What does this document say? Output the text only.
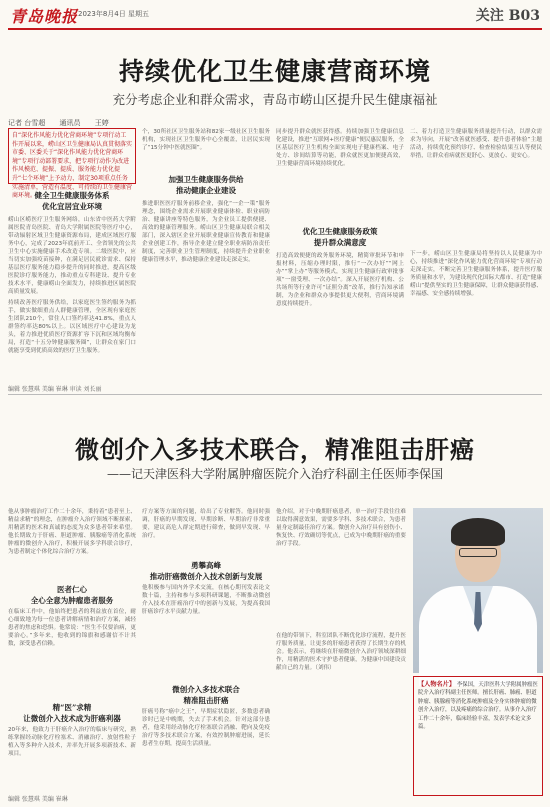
青岛晚报 2023年8月4日 星期五	关注 B03
持续优化卫生健康营商环境
充分考虑企业和群众需求，青岛市崂山区提升民生健康福祉
记者 台雪超 通讯员 王婷
自“深化作风能力优化营商环境”专项行动工作开展以来，崂山区卫生健康局认真贯彻落实市委、区委关于“深化作风能力优化营商环境”专项行动部署要求，把专项行动作为改进作风模范、提振、提质、服务能力优化提升“七个环境”上予动力，制定30项重点任务实施清单，营造有温度、可持续的卫生健康营商环境。
健全卫生健康服务体系
优化宜居宜业环境

崂山区崂医疗卫生服务网络，山东省中医药大学附属医院青岛医院、青岛大学附属医院等医疗中心，带动辐射区域卫生健康资源布局，建成区域医疗服务中心，完成了2023年底前开工、全省领先的公共卫生中心实施健康手术改造专项。二级医院中，应当切实加强疫苗接种，在满足居民就诊需求、保持基层医疗服务能力稳步提升的同时推进，提高区级医院诊疗服务能力，推动重点专科建设、提升专业技术水平，健康崂山全面发力，持续推进区属医院高质量发展。

持续改善医疗服务供给，以家庭医生签约服务为抓手，做实做细重点人群健康管理，全区现有家庭医生团队210个，常住人口签约率达41.8%，重点人群签约率达80%以上。以区域医疗中心建设为龙头，着力推进优质医疗资源扩容下沉和区域均衡布局，打造“十五分钟健康服务圈”，让群众在家门口就能享受到优质高效的医疗卫生服务。

个，30所社区卫生服务站和82家一级社区卫生服务机构，实现社区卫生服务中心全覆盖，让居民实现了“15分钟中医就医圈”。
加强卫生健康服务供给
推动健康企业建设
推进职医医疗服务前移企业，强化“一企一策”服务理念，围绕企业需求开展职业健康体检、职业病防治、健康讲座等特色服务，为企业员工提供便捷、高效的健康管理服务。崂山区卫生健康局联合相关部门，深入辖区企业开展职业健康宣传教育和健康企业创建工作，指导企业建立健全职业病防治责任制度，完善职业卫生管理制度，持续提升企业职业健康管理水平，推动健康企业建设走深走实。
同步提升群众就医获得感。持续加强卫生健康信息化建设，推进“互联网+医疗健康”便民惠民服务，全区基层医疗卫生机构全面实现电子健康档案、电子处方、诊间结算等功能，群众就医更加便捷高效，卫生健康营商环境持续优化。
优化卫生健康服务政策
提升群众满意度
打造高效便捷的政务服务环境，精简审批环节和申报材料，压缩办理时限，推行“一次办好”“网上办”“掌上办”等服务模式，实现卫生健康行政审批事项“一窗受理、一次办结”。深入开展医疗机构、公共场所等行业许可“证照分离”改革，推行告知承诺制，为企业和群众办事提供更大便利，营商环境满意度持续提升。
二、着力打造卫生健康服务质量提升行动，以群众需求为导向，开展“改善就医感受、提升患者体验”主题活动，持续优化预约诊疗、检查检验结果互认等便民举措，让群众看病就医更舒心、更放心、更安心。
下一步，崂山区卫生健康局将坚持以人民健康为中心，持续推进“深化作风能力优化营商环境”专项行动走深走实，不断完善卫生健康服务体系，提升医疗服务质量和水平，为建设现代化国际大都市、打造“健康崂山”提供坚实的卫生健康保障，让群众健康获得感、幸福感、安全感持续增强。
编辑 张慧琪 美编 崔琳 审读 刘长丽
微创介入多技术联合，精准阻击肝癌
——记天津医科大学附属肿瘤医院介入治疗科副主任医师李保国
他从事肿瘤治疗工作二十余年，秉持着“患者至上、精益求精”的理念，在肿瘤介入治疗领域不断探索，用精湛的医术和真诚的态度为众多患者带来希望。他长期致力于肝癌、胆道肿瘤、胰腺癌等消化系统肿瘤的微创介入治疗，积极开展多学科联合诊疗，为患者制定个体化综合治疗方案。
医者仁心
全心全意为肿瘤患者服务
在临床工作中，他始终把患者的利益放在首位，耐心细致地为每一位患者讲解病情和治疗方案，减轻患者的焦虑和恐惧。他常说：“医生不仅要治病，更要治心。”多年来，他收到的锦旗和感谢信不计其数，深受患者信赖。
精“医”求精
让微创介入技术成为肝癌利器
20年来，他致力于肝癌介入治疗的临床与研究，熟练掌握经动脉化疗栓塞术、消融治疗、放射性粒子植入等多种介入技术，并率先开展多项新技术、新项目。
疗方案等方面的问题，给出了专业解答。他同时强调，肝癌的早期发现、早期诊断、早期治疗非常重要，建议高危人群定期进行筛查，做到早发现、早治疗。
勇攀高峰
推动肝癌微创介入技术创新与发展
他积极参与国内外学术交流，在核心期刊发表论文数十篇，主持和参与多项科研课题，不断推动微创介入技术在肝癌治疗中的创新与发展，为提高我国肝癌诊疗水平贡献力量。
微创介入多技术联合
精准阻击肝癌
肝癌号称“癌中之王”，早期症状隐匿，多数患者确诊时已是中晚期，失去了手术机会。针对这部分患者，他采用经动脉化疗栓塞联合消融、靶向及免疫治疗等多技术联合方案，有效控制肿瘤进展，延长患者生存期，提高生活质量。
他介绍，对于中晚期肝癌患者，单一治疗手段往往难以取得满意效果，需要多学科、多技术联合，为患者量身定制最佳治疗方案。微创介入治疗具有创伤小、恢复快、疗效确切等优点，已成为中晚期肝癌的重要治疗手段。
在他的带领下，科室团队不断优化诊疗流程，提升医疗服务质量，让更多的肝癌患者获得了长期生存的机会。他表示，将继续在肝癌微创介入治疗领域深耕细作，用精湛的医术守护患者健康，为健康中国建设贡献自己的力量。（刘伟）
【人物名片】 李保国，天津医科大学附属肿瘤医院介入治疗科副主任医师。擅长肝癌、肺癌、胆道肿瘤、胰腺癌等消化系统肿瘤及全身实体肿瘤的微创介入治疗，以及疼痛的综合治疗。从事介入治疗工作二十余年，临床经验丰富，发表学术论文多篇。
编辑 张慧琪 美编 崔琳
